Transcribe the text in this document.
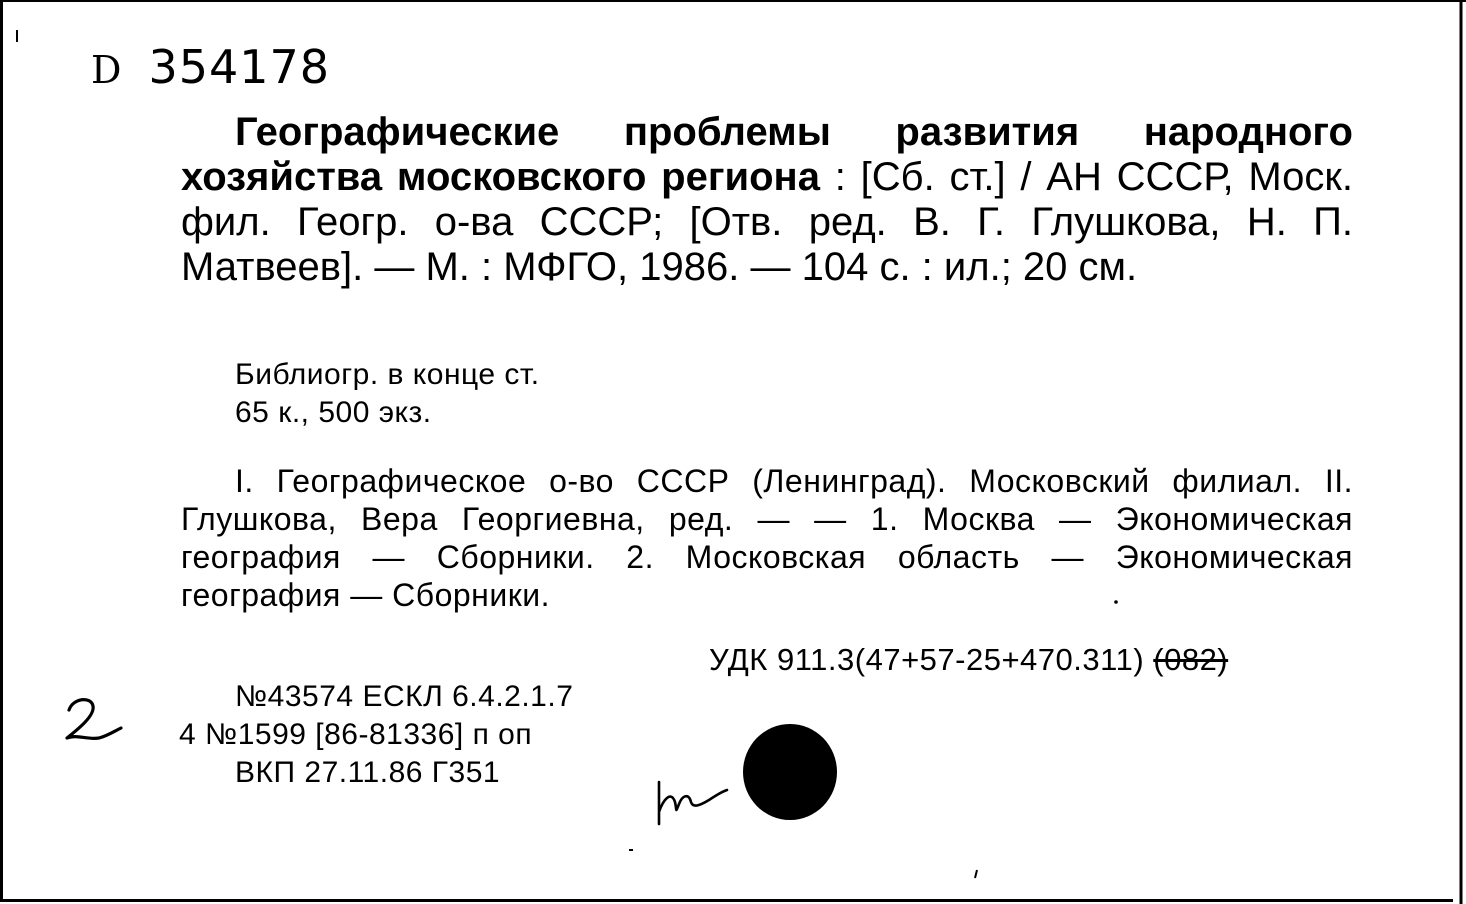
D 354178
Географические проблемы развития народного хозяйства московского региона : [Сб. ст.] / АН СССР, Моск. фил. Геогр. о-ва СССР; [Отв. ред. В. Г. Глушкова, Н. П. Матвеев]. — М. : МФГО, 1986. — 104 с. : ил.; 20 см.
Библиогр. в конце ст.
65 к., 500 экз.
I. Географическое о-во СССР (Ленинград). Московский филиал. II. Глушкова, Вера Георгиевна, ред. — — 1. Москва — Экономическая география — Сборники. 2. Московская область — Экономическая география — Сборники.
УДК 911.3(47+57-25+470.311) (082)
№43574 ЕСКЛ 6.4.2.1.7
4 №1599 [86-81336] п оп
ВКП 27.11.86 Г351
